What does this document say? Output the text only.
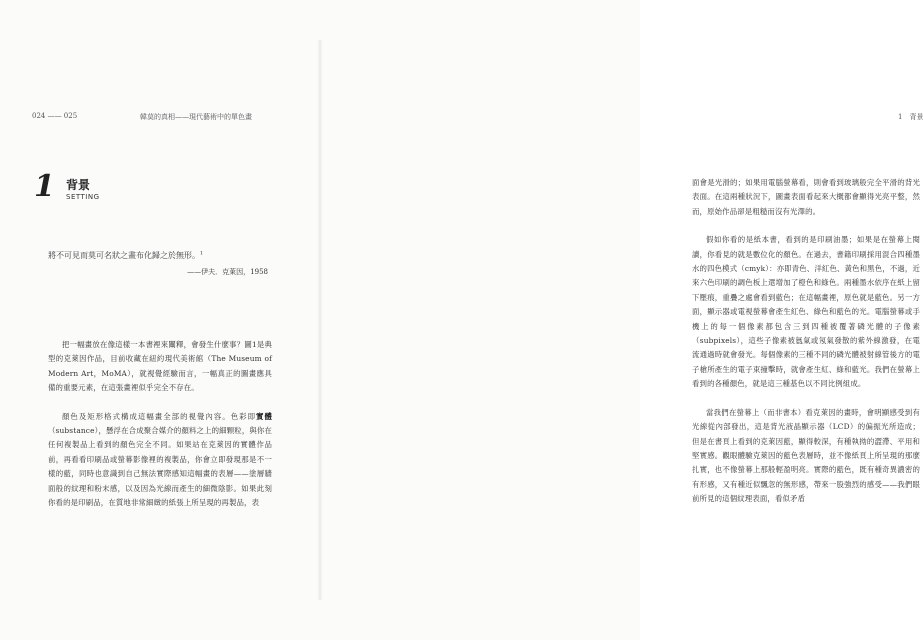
024 —— 025	韓莫的真相——現代藝術中的單色畫
1 背景
SETTING
將不可見而莫可名狀之畫布化歸之於無形。$^1$
——伊夫．克萊因，1958

把一幅畫放在像這樣一本書裡來闡釋，會發生什麼事？圖1是典型的克萊因作品，目前收藏在紐約現代美術館（The Museum of Modern Art，MoMA），就視覺經驗而言，一幅真正的圖畫應具備的重要元素，在這張畫裡似乎完全不存在。

顏色及矩形格式構成這幅畫全部的視覺內容。色彩即實體（substance），懸浮在合成聚合媒介的顏料之上的細顆粒，與你在任何複製品上看到的顏色完全不同。如果站在克萊因的實體作品前，再看看印刷品或螢幕影像裡的複製品，你會立即發現那是不一樣的藍，同時也意識到自己無法實際感知這幅畫的表層——塗層牆面般的紋理和粉末感，以及因為光線而產生的細微陰影。如果此刻你看的是印刷品，在質地非常細緻的紙張上所呈現的再製品，表

1　背景

面會是光滑的；如果用電腦螢幕看，則會看到玻璃般完全平滑的背光表面。在這兩種狀況下，圖畫表面看起來大概都會顯得光亮平整，然而，原始作品卻是粗糙而沒有光澤的。

假如你看的是紙本書，看到的是印刷油墨；如果是在螢幕上閱讀，你看見的就是數位化的顏色。在過去，書籍印刷採用混合四種墨水的四色模式（cmyk）：亦即青色、洋紅色、黃色和黑色，不過，近來六色印刷的調色板上還增加了橙色和綠色。兩種墨水依序在紙上留下壓痕，重疊之處會看到藍色；在這幅畫裡，原色就是藍色。另一方面，顯示器或電視螢幕會產生紅色、綠色和藍色的光。電腦螢幕或手機上的每一個像素都包含三到四種被覆著磷光體的子像素（subpixels），這些子像素被氬氣或氖氣發散的紫外線激發，在電流通過時就會發光。每個像素的三種不同的磷光體被射線管後方的電子槍所產生的電子束撞擊時，就會產生紅、綠和藍光。我們在螢幕上看到的各種顏色，就是這三種基色以不同比例組成。

當我們在螢幕上（而非書本）看克萊因的畫時，會明顯感受到有光線從內部發出，這是背光液晶顯示器（LCD）的偏振光所造成；但是在書頁上看到的克萊因藍，顯得較深，有種執拗的澀滯、平用和堅實感。觀眼體驗克萊因的藍色表層時，並不像紙頁上所呈現的那麼扎實，也不像螢幕上那般輕盈明亮。實際的藍色，既有種奇異濃密的有形感，又有種近似飄忽的無形感，帶來一股強烈的感受——我們眼前所見的這個紋理表面，看似矛盾
